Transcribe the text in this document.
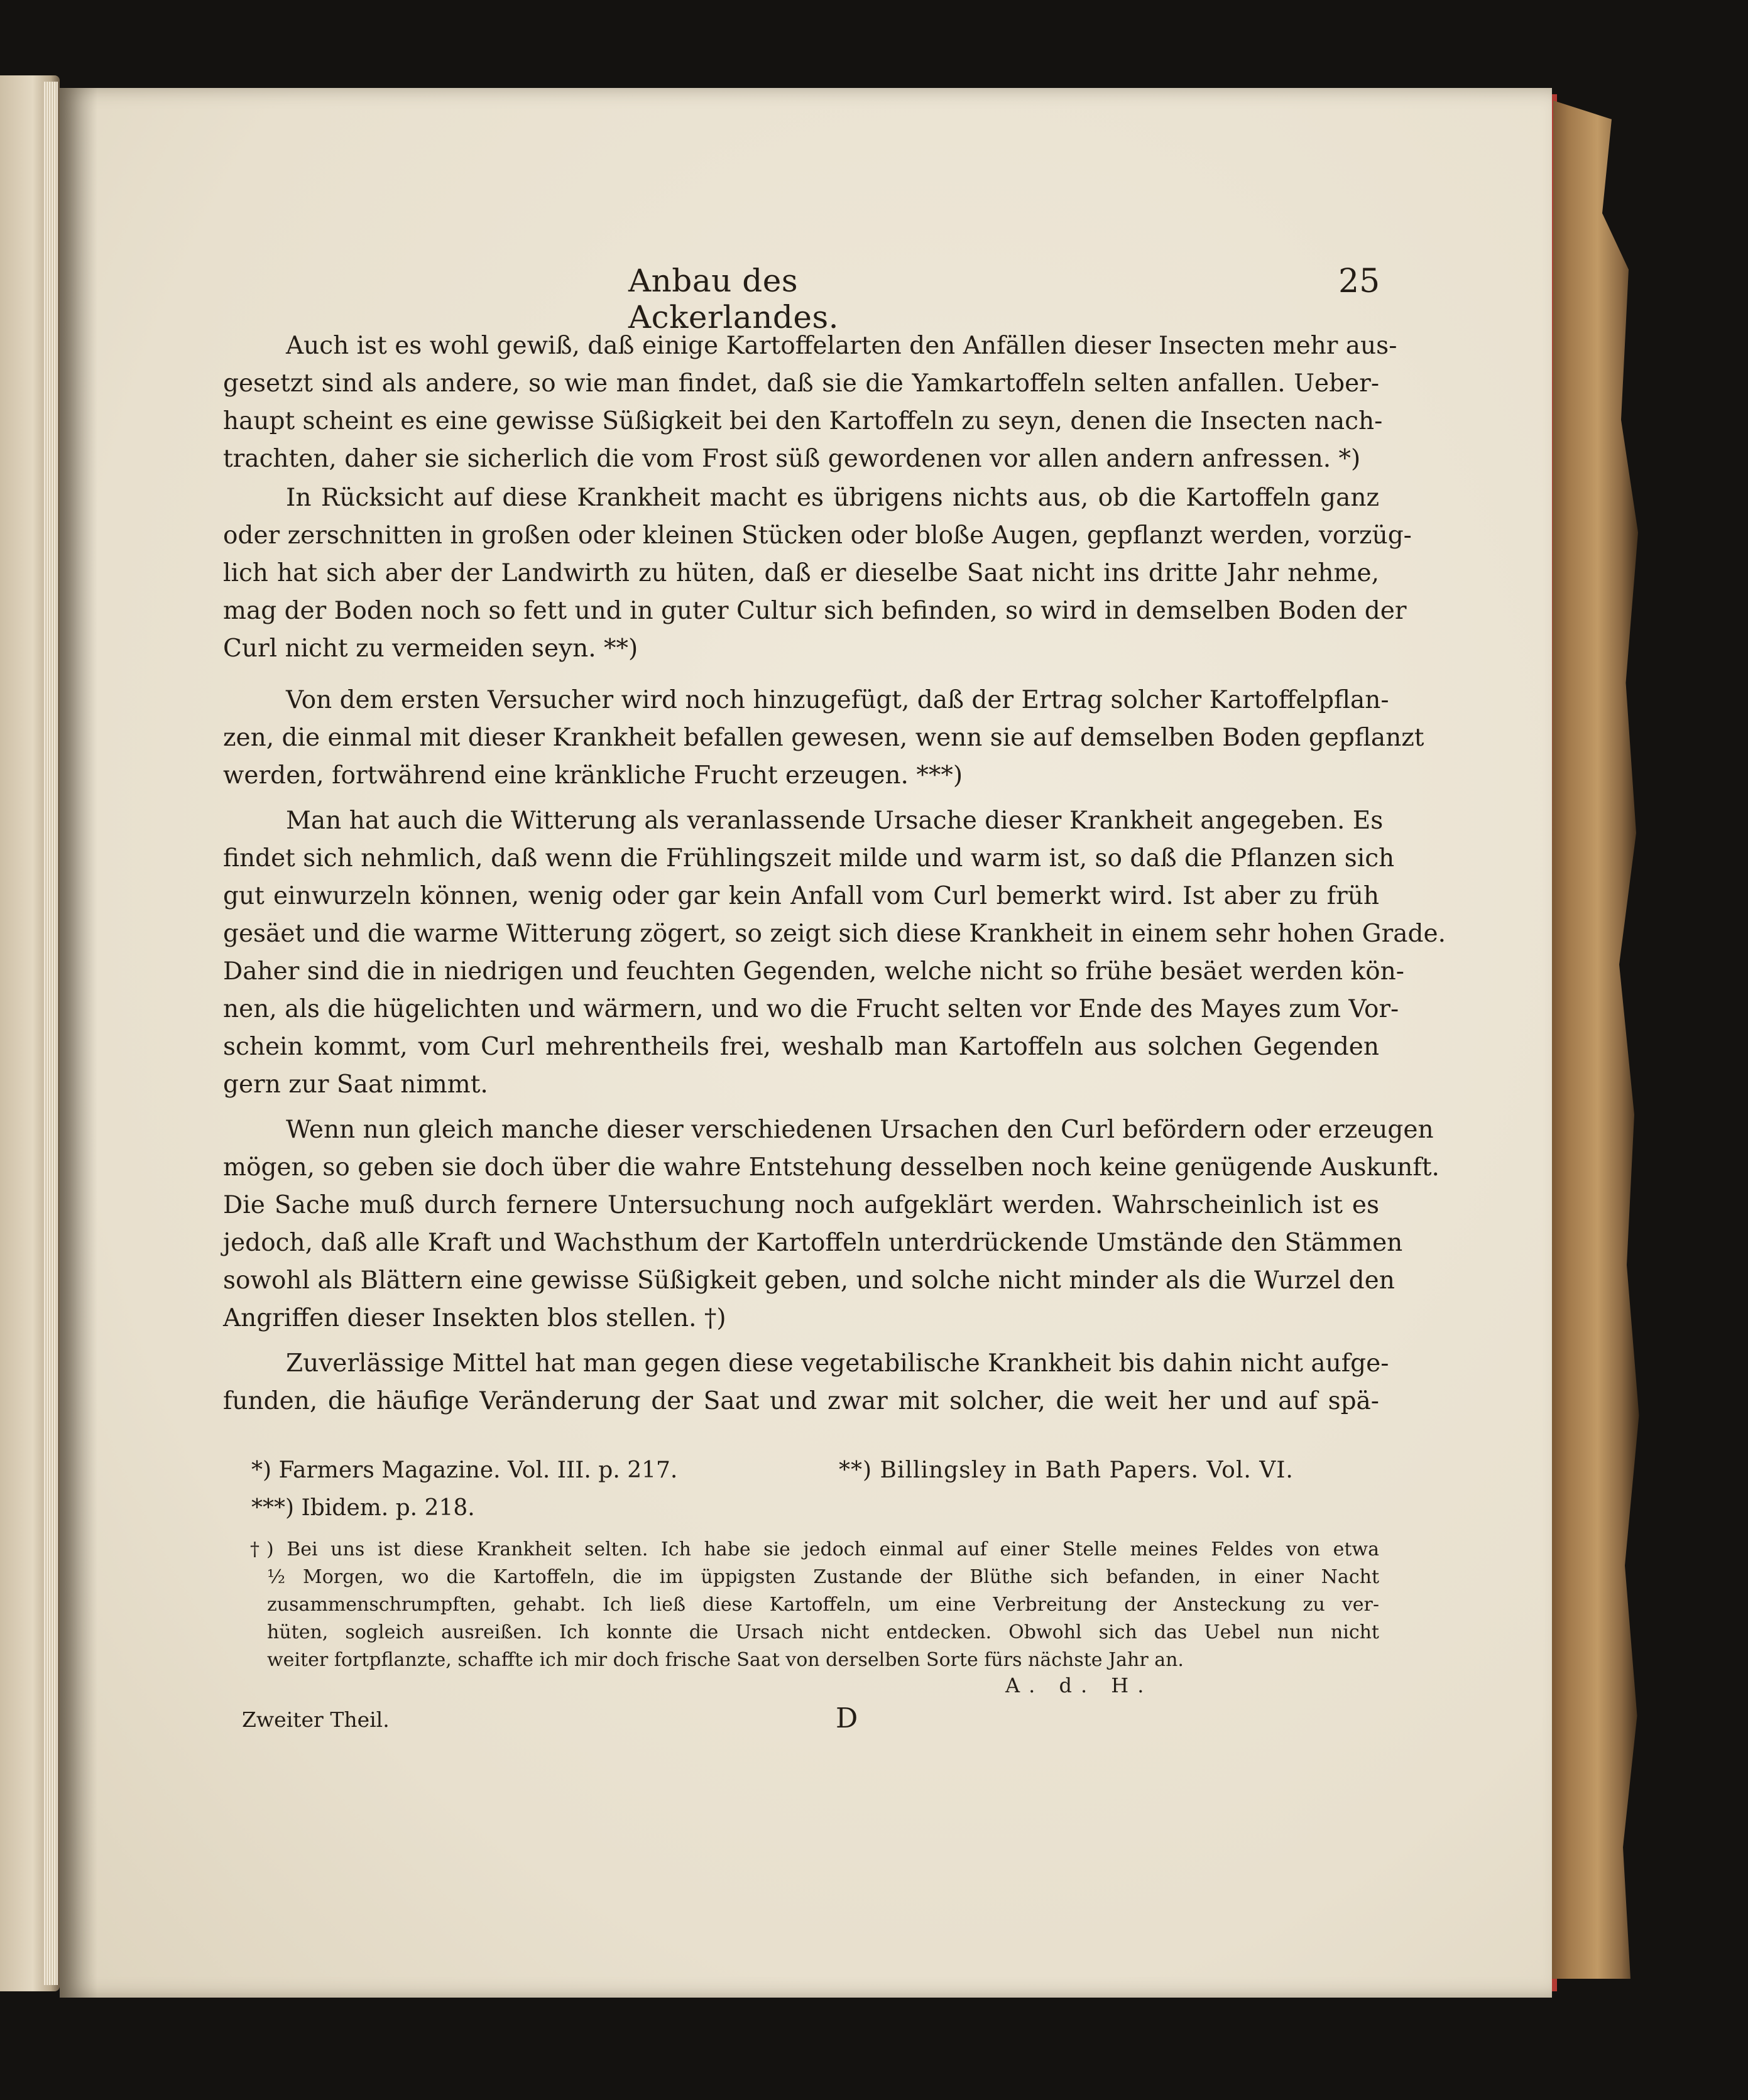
Anbau des Ackerlandes.
25
Auch ist es wohl gewiß, daß einige Kartoffelarten den Anfällen dieser Insecten mehr aus-
gesetzt sind als andere, so wie man findet, daß sie die Yamkartoffeln selten anfallen. Ueber-
haupt scheint es eine gewisse Süßigkeit bei den Kartoffeln zu seyn, denen die Insecten nach-
trachten, daher sie sicherlich die vom Frost süß gewordenen vor allen andern anfressen. *)
In Rücksicht auf diese Krankheit macht es übrigens nichts aus, ob die Kartoffeln ganz
oder zerschnitten in großen oder kleinen Stücken oder bloße Augen, gepflanzt werden, vorzüg-
lich hat sich aber der Landwirth zu hüten, daß er dieselbe Saat nicht ins dritte Jahr nehme,
mag der Boden noch so fett und in guter Cultur sich befinden, so wird in demselben Boden der
Curl nicht zu vermeiden seyn. **)
Von dem ersten Versucher wird noch hinzugefügt, daß der Ertrag solcher Kartoffelpflan-
zen, die einmal mit dieser Krankheit befallen gewesen, wenn sie auf demselben Boden gepflanzt
werden, fortwährend eine kränkliche Frucht erzeugen. ***)
Man hat auch die Witterung als veranlassende Ursache dieser Krankheit angegeben. Es
findet sich nehmlich, daß wenn die Frühlingszeit milde und warm ist, so daß die Pflanzen sich
gut einwurzeln können, wenig oder gar kein Anfall vom Curl bemerkt wird. Ist aber zu früh
gesäet und die warme Witterung zögert, so zeigt sich diese Krankheit in einem sehr hohen Grade.
Daher sind die in niedrigen und feuchten Gegenden, welche nicht so frühe besäet werden kön-
nen, als die hügelichten und wärmern, und wo die Frucht selten vor Ende des Mayes zum Vor-
schein kommt, vom Curl mehrentheils frei, weshalb man Kartoffeln aus solchen Gegenden
gern zur Saat nimmt.
Wenn nun gleich manche dieser verschiedenen Ursachen den Curl befördern oder erzeugen
mögen, so geben sie doch über die wahre Entstehung desselben noch keine genügende Auskunft.
Die Sache muß durch fernere Untersuchung noch aufgeklärt werden. Wahrscheinlich ist es
jedoch, daß alle Kraft und Wachsthum der Kartoffeln unterdrückende Umstände den Stämmen
sowohl als Blättern eine gewisse Süßigkeit geben, und solche nicht minder als die Wurzel den
Angriffen dieser Insekten blos stellen. †)
Zuverlässige Mittel hat man gegen diese vegetabilische Krankheit bis dahin nicht aufge-
funden, die häufige Veränderung der Saat und zwar mit solcher, die weit her und auf spä-
*) Farmers Magazine. Vol. III. p. 217.	**) Billingsley in Bath Papers. Vol. VI.
***) Ibidem. p. 218.
†) Bei uns ist diese Krankheit selten. Ich habe sie jedoch einmal auf einer Stelle meines Feldes von etwa
½ Morgen, wo die Kartoffeln, die im üppigsten Zustande der Blüthe sich befanden, in einer Nacht
zusammenschrumpften, gehabt. Ich ließ diese Kartoffeln, um eine Verbreitung der Ansteckung zu ver-
hüten, sogleich ausreißen. Ich konnte die Ursach nicht entdecken. Obwohl sich das Uebel nun nicht
weiter fortpflanzte, schaffte ich mir doch frische Saat von derselben Sorte fürs nächste Jahr an.
A. d. H.
Zweiter Theil.	D
